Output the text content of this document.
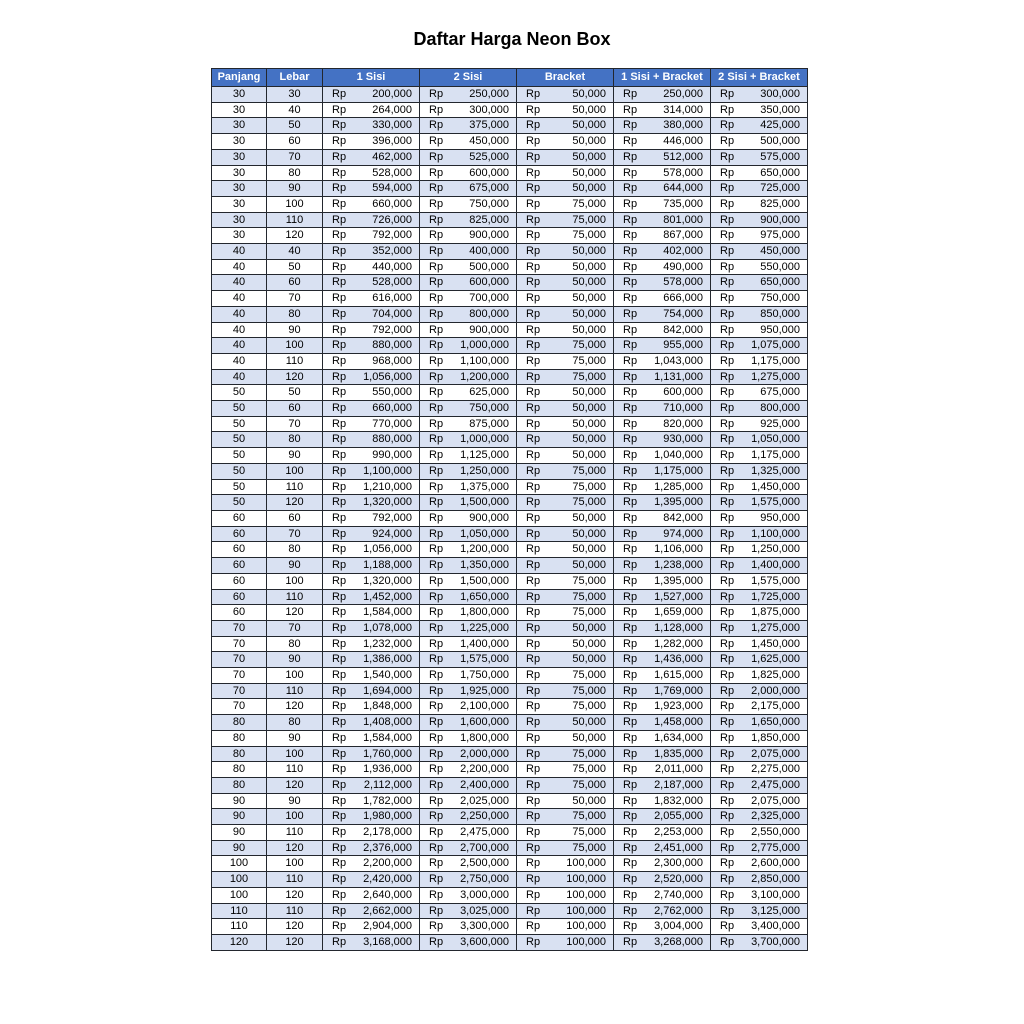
Daftar Harga Neon Box
Panjang	Lebar	1 Sisi	2 Sisi	Bracket	1 Sisi + Bracket	2 Sisi + Bracket
30	30	Rp 200,000	Rp 250,000	Rp 50,000	Rp 250,000	Rp 300,000

30	40	Rp 264,000	Rp 300,000	Rp 50,000	Rp 314,000	Rp 350,000

30	50	Rp 330,000	Rp 375,000	Rp 50,000	Rp 380,000	Rp 425,000

30	60	Rp 396,000	Rp 450,000	Rp 50,000	Rp 446,000	Rp 500,000

30	70	Rp 462,000	Rp 525,000	Rp 50,000	Rp 512,000	Rp 575,000

30	80	Rp 528,000	Rp 600,000	Rp 50,000	Rp 578,000	Rp 650,000

30	90	Rp 594,000	Rp 675,000	Rp 50,000	Rp 644,000	Rp 725,000

30	100	Rp 660,000	Rp 750,000	Rp 75,000	Rp 735,000	Rp 825,000

30	110	Rp 726,000	Rp 825,000	Rp 75,000	Rp 801,000	Rp 900,000

30	120	Rp 792,000	Rp 900,000	Rp 75,000	Rp 867,000	Rp 975,000

40	40	Rp 352,000	Rp 400,000	Rp 50,000	Rp 402,000	Rp 450,000

40	50	Rp 440,000	Rp 500,000	Rp 50,000	Rp 490,000	Rp 550,000

40	60	Rp 528,000	Rp 600,000	Rp 50,000	Rp 578,000	Rp 650,000

40	70	Rp 616,000	Rp 700,000	Rp 50,000	Rp 666,000	Rp 750,000

40	80	Rp 704,000	Rp 800,000	Rp 50,000	Rp 754,000	Rp 850,000

40	90	Rp 792,000	Rp 900,000	Rp 50,000	Rp 842,000	Rp 950,000

40	100	Rp 880,000	Rp 1,000,000	Rp 75,000	Rp 955,000	Rp 1,075,000

40	110	Rp 968,000	Rp 1,100,000	Rp 75,000	Rp 1,043,000	Rp 1,175,000

40	120	Rp 1,056,000	Rp 1,200,000	Rp 75,000	Rp 1,131,000	Rp 1,275,000

50	50	Rp 550,000	Rp 625,000	Rp 50,000	Rp 600,000	Rp 675,000

50	60	Rp 660,000	Rp 750,000	Rp 50,000	Rp 710,000	Rp 800,000

50	70	Rp 770,000	Rp 875,000	Rp 50,000	Rp 820,000	Rp 925,000

50	80	Rp 880,000	Rp 1,000,000	Rp 50,000	Rp 930,000	Rp 1,050,000

50	90	Rp 990,000	Rp 1,125,000	Rp 50,000	Rp 1,040,000	Rp 1,175,000

50	100	Rp 1,100,000	Rp 1,250,000	Rp 75,000	Rp 1,175,000	Rp 1,325,000

50	110	Rp 1,210,000	Rp 1,375,000	Rp 75,000	Rp 1,285,000	Rp 1,450,000

50	120	Rp 1,320,000	Rp 1,500,000	Rp 75,000	Rp 1,395,000	Rp 1,575,000

60	60	Rp 792,000	Rp 900,000	Rp 50,000	Rp 842,000	Rp 950,000

60	70	Rp 924,000	Rp 1,050,000	Rp 50,000	Rp 974,000	Rp 1,100,000

60	80	Rp 1,056,000	Rp 1,200,000	Rp 50,000	Rp 1,106,000	Rp 1,250,000

60	90	Rp 1,188,000	Rp 1,350,000	Rp 50,000	Rp 1,238,000	Rp 1,400,000

60	100	Rp 1,320,000	Rp 1,500,000	Rp 75,000	Rp 1,395,000	Rp 1,575,000

60	110	Rp 1,452,000	Rp 1,650,000	Rp 75,000	Rp 1,527,000	Rp 1,725,000

60	120	Rp 1,584,000	Rp 1,800,000	Rp 75,000	Rp 1,659,000	Rp 1,875,000

70	70	Rp 1,078,000	Rp 1,225,000	Rp 50,000	Rp 1,128,000	Rp 1,275,000

70	80	Rp 1,232,000	Rp 1,400,000	Rp 50,000	Rp 1,282,000	Rp 1,450,000

70	90	Rp 1,386,000	Rp 1,575,000	Rp 50,000	Rp 1,436,000	Rp 1,625,000

70	100	Rp 1,540,000	Rp 1,750,000	Rp 75,000	Rp 1,615,000	Rp 1,825,000

70	110	Rp 1,694,000	Rp 1,925,000	Rp 75,000	Rp 1,769,000	Rp 2,000,000

70	120	Rp 1,848,000	Rp 2,100,000	Rp 75,000	Rp 1,923,000	Rp 2,175,000

80	80	Rp 1,408,000	Rp 1,600,000	Rp 50,000	Rp 1,458,000	Rp 1,650,000

80	90	Rp 1,584,000	Rp 1,800,000	Rp 50,000	Rp 1,634,000	Rp 1,850,000

80	100	Rp 1,760,000	Rp 2,000,000	Rp 75,000	Rp 1,835,000	Rp 2,075,000

80	110	Rp 1,936,000	Rp 2,200,000	Rp 75,000	Rp 2,011,000	Rp 2,275,000

80	120	Rp 2,112,000	Rp 2,400,000	Rp 75,000	Rp 2,187,000	Rp 2,475,000

90	90	Rp 1,782,000	Rp 2,025,000	Rp 50,000	Rp 1,832,000	Rp 2,075,000

90	100	Rp 1,980,000	Rp 2,250,000	Rp 75,000	Rp 2,055,000	Rp 2,325,000

90	110	Rp 2,178,000	Rp 2,475,000	Rp 75,000	Rp 2,253,000	Rp 2,550,000

90	120	Rp 2,376,000	Rp 2,700,000	Rp 75,000	Rp 2,451,000	Rp 2,775,000

100	100	Rp 2,200,000	Rp 2,500,000	Rp 100,000	Rp 2,300,000	Rp 2,600,000

100	110	Rp 2,420,000	Rp 2,750,000	Rp 100,000	Rp 2,520,000	Rp 2,850,000

100	120	Rp 2,640,000	Rp 3,000,000	Rp 100,000	Rp 2,740,000	Rp 3,100,000

110	110	Rp 2,662,000	Rp 3,025,000	Rp 100,000	Rp 2,762,000	Rp 3,125,000

110	120	Rp 2,904,000	Rp 3,300,000	Rp 100,000	Rp 3,004,000	Rp 3,400,000

120	120	Rp 3,168,000	Rp 3,600,000	Rp 100,000	Rp 3,268,000	Rp 3,700,000
